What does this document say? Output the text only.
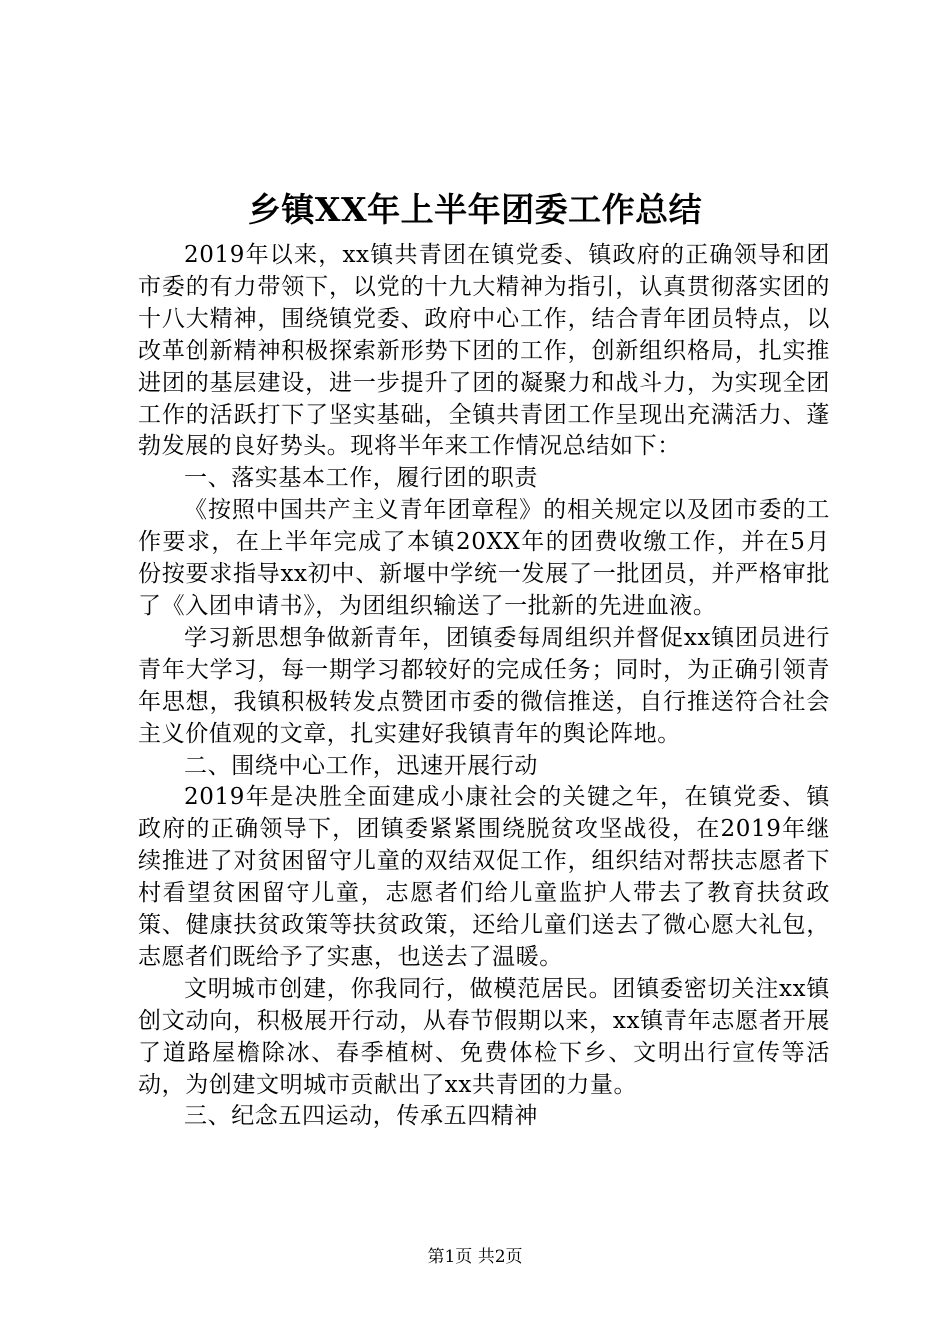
乡镇XX年上半年团委工作总结

2019年以来，xx镇共青团在镇党委、镇政府的正确领导和团市委的有力带领下，以党的十九大精神为指引，认真贯彻落实团的十八大精神，围绕镇党委、政府中心工作，结合青年团员特点，以改革创新精神积极探索新形势下团的工作，创新组织格局，扎实推进团的基层建设，进一步提升了团的凝聚力和战斗力，为实现全团工作的活跃打下了坚实基础，全镇共青团工作呈现出充满活力、蓬勃发展的良好势头。现将半年来工作情况总结如下：

一、落实基本工作，履行团的职责

《按照中国共产主义青年团章程》的相关规定以及团市委的工作要求，在上半年完成了本镇20XX年的团费收缴工作，并在5月份按要求指导xx初中、新堰中学统一发展了一批团员，并严格审批了《入团申请书》，为团组织输送了一批新的先进血液。

学习新思想争做新青年，团镇委每周组织并督促xx镇团员进行青年大学习，每一期学习都较好的完成任务；同时，为正确引领青年思想，我镇积极转发点赞团市委的微信推送，自行推送符合社会主义价值观的文章，扎实建好我镇青年的舆论阵地。

二、围绕中心工作，迅速开展行动

2019年是决胜全面建成小康社会的关键之年，在镇党委、镇政府的正确领导下，团镇委紧紧围绕脱贫攻坚战役，在2019年继续推进了对贫困留守儿童的双结双促工作，组织结对帮扶志愿者下村看望贫困留守儿童，志愿者们给儿童监护人带去了教育扶贫政策、健康扶贫政策等扶贫政策，还给儿童们送去了微心愿大礼包，志愿者们既给予了实惠，也送去了温暖。

文明城市创建，你我同行，做模范居民。团镇委密切关注xx镇创文动向，积极展开行动，从春节假期以来，xx镇青年志愿者开展了道路屋檐除冰、春季植树、免费体检下乡、文明出行宣传等活动，为创建文明城市贡献出了xx共青团的力量。

三、纪念五四运动，传承五四精神

第1页 共2页
